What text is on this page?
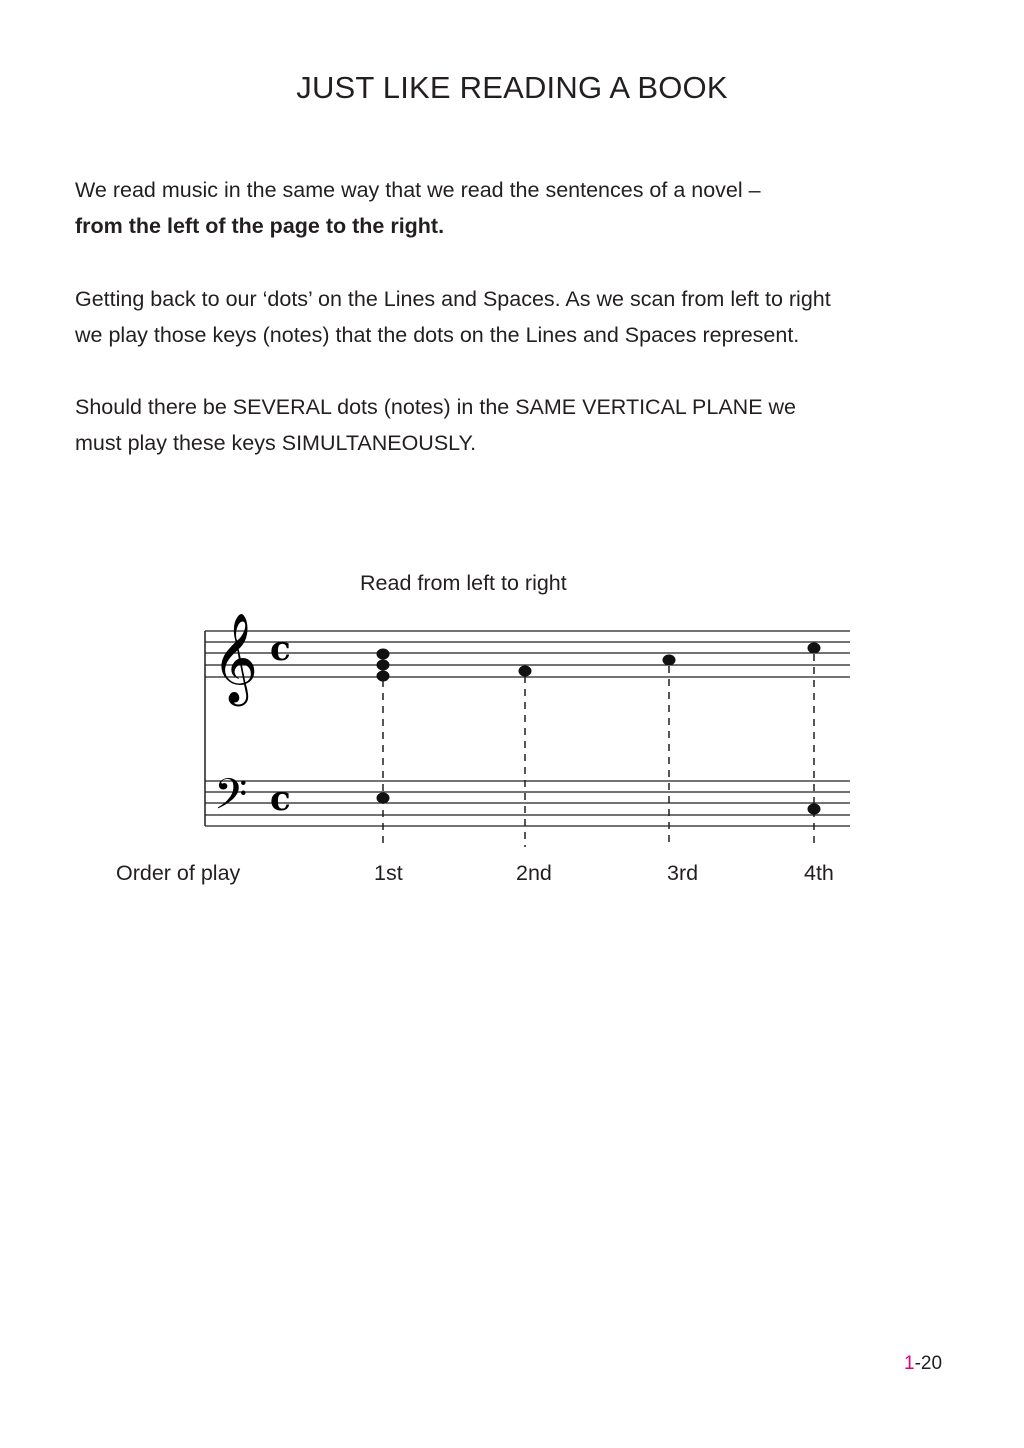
JUST LIKE READING A BOOK

We read music in the same way that we read the sentences of a novel –
from the left of the page to the right.

Getting back to our ‘dots’ on the Lines and Spaces. As we scan from left to right
we play those keys (notes) that the dots on the Lines and Spaces represent.

Should there be SEVERAL dots (notes) in the SAME VERTICAL PLANE we
must play these keys SIMULTANEOUSLY.

Read from left to right
𝄞 c
𝄢 c
Order of play	1st	2nd	3rd	4th
1-20
